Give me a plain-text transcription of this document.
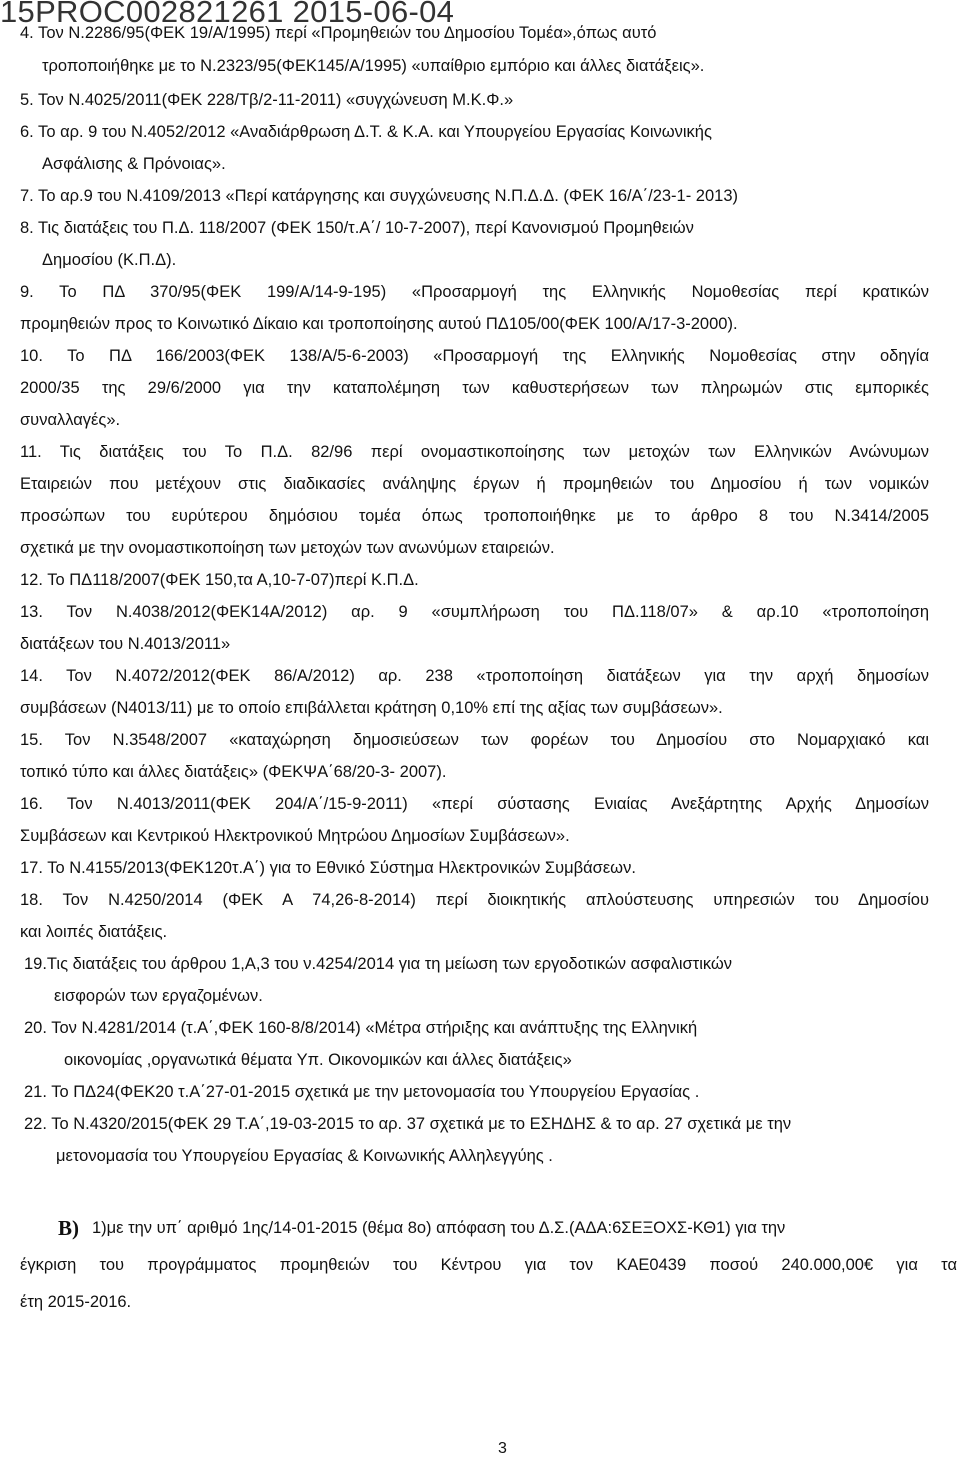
15PROC002821261 2015-06-04
4. Τον Ν.2286/95(ΦΕΚ 19/Α/1995) περί «Προμηθειών του Δημοσίου Τομέα»,όπως αυτό
τροποποιήθηκε με το Ν.2323/95(ΦΕΚ145/Α/1995) «υπαίθριο εμπόριο και άλλες διατάξεις».
5. Τον Ν.4025/2011(ΦΕΚ 228/Τβ/2-11-2011) «συγχώνευση Μ.Κ.Φ.»
6. Το αρ. 9 του Ν.4052/2012 «Αναδιάρθρωση Δ.Τ. & Κ.Α. και Υπουργείου Εργασίας Κοινωνικής
Ασφάλισης & Πρόνοιας».
7. Το αρ.9 του Ν.4109/2013 «Περί κατάργησης και συγχώνευσης Ν.Π.Δ.Δ. (ΦΕΚ 16/Α΄/23-1- 2013)
8. Τις διατάξεις του Π.Δ. 118/2007 (ΦΕΚ 150/τ.Α΄/ 10-7-2007), περί Κανονισμού Προμηθειών
Δημοσίου (Κ.Π.Δ).
9. Το ΠΔ 370/95(ΦΕΚ 199/Α/14-9-195) «Προσαρμογή της Ελληνικής Νομοθεσίας περί κρατικών
προμηθειών προς το Κοινωτικό Δίκαιο και τροποποίησης αυτού ΠΔ105/00(ΦΕΚ 100/Α/17-3-2000).
10. Το ΠΔ 166/2003(ΦΕΚ 138/Α/5-6-2003) «Προσαρμογή της Ελληνικής Νομοθεσίας στην οδηγία
2000/35 της 29/6/2000 για την καταπολέμηση των καθυστερήσεων των πληρωμών στις εμπορικές
συναλλαγές».
11. Τις διατάξεις του Το Π.Δ. 82/96 περί ονομαστικοποίησης των μετοχών των Ελληνικών Ανώνυμων
Εταιρειών που μετέχουν στις διαδικασίες ανάληψης έργων ή προμηθειών του Δημοσίου ή των νομικών
προσώπων του ευρύτερου δημόσιου τομέα όπως τροποποιήθηκε με το άρθρο 8 του Ν.3414/2005
σχετικά με την ονομαστικοποίηση των μετοχών των ανωνύμων εταιρειών.
12. Το ΠΔ118/2007(ΦΕΚ 150,τα Α,10-7-07)περί Κ.Π.Δ.
13. Τον Ν.4038/2012(ΦΕΚ14Α/2012) αρ. 9 «συμπλήρωση του ΠΔ.118/07» & αρ.10 «τροποποίηση
διατάξεων του Ν.4013/2011»
14. Τον Ν.4072/2012(ΦΕΚ 86/Α/2012) αρ. 238 «τροποποίηση διατάξεων για την αρχή δημοσίων
συμβάσεων (Ν4013/11) με το οποίο επιβάλλεται κράτηση 0,10% επί της αξίας των συμβάσεων».
15. Τον Ν.3548/2007 «καταχώρηση δημοσιεύσεων των φορέων του Δημοσίου στο Νομαρχιακό και
τοπικό τύπο και άλλες διατάξεις» (ΦΕΚΨΑ΄68/20-3- 2007).
16. Τον Ν.4013/2011(ΦΕΚ 204/Α΄/15-9-2011) «περί σύστασης Ενιαίας Ανεξάρτητης Αρχής Δημοσίων
Συμβάσεων και Κεντρικού Ηλεκτρονικού Μητρώου Δημοσίων Συμβάσεων».
17. Το Ν.4155/2013(ΦΕΚ120τ.Α΄) για το Εθνικό Σύστημα Ηλεκτρονικών Συμβάσεων.
18. Τον Ν.4250/2014 (ΦΕΚ Α 74,26-8-2014) περί διοικητικής απλούστευσης υπηρεσιών του Δημοσίου
και λοιπές διατάξεις.
19.Τις διατάξεις του άρθρου 1,Α,3 του ν.4254/2014 για τη μείωση των εργοδοτικών ασφαλιστικών
εισφορών των εργαζομένων.
20. Τον Ν.4281/2014 (τ.Α΄,ΦΕΚ 160-8/8/2014) «Μέτρα στήριξης και ανάπτυξης της Ελληνική
οικονομίας ,οργανωτικά θέματα Υπ. Οικονομικών και άλλες διατάξεις»
21. Το ΠΔ24(ΦΕΚ20 τ.Α΄27-01-2015 σχετικά με την μετονομασία του Υπουργείου Εργασίας .
22. Το Ν.4320/2015(ΦΕΚ 29 Τ.Α΄,19-03-2015 το αρ. 37 σχετικά με το ΕΣΗΔΗΣ & το αρ. 27 σχετικά με την
μετονομασία του Υπουργείου Εργασίας & Κοινωνικής Αλληλεγγύης .
Β) 1)με την υπ΄ αριθμό 1ης/14-01-2015 (θέμα 8ο) απόφαση του Δ.Σ.(ΑΔΑ:6ΣΕΞΟΧΣ-ΚΘ1) για την
έγκριση του προγράμματος προμηθειών του Κέντρου για τον ΚΑΕ0439 ποσού 240.000,00€ για τα
έτη 2015-2016.
3
